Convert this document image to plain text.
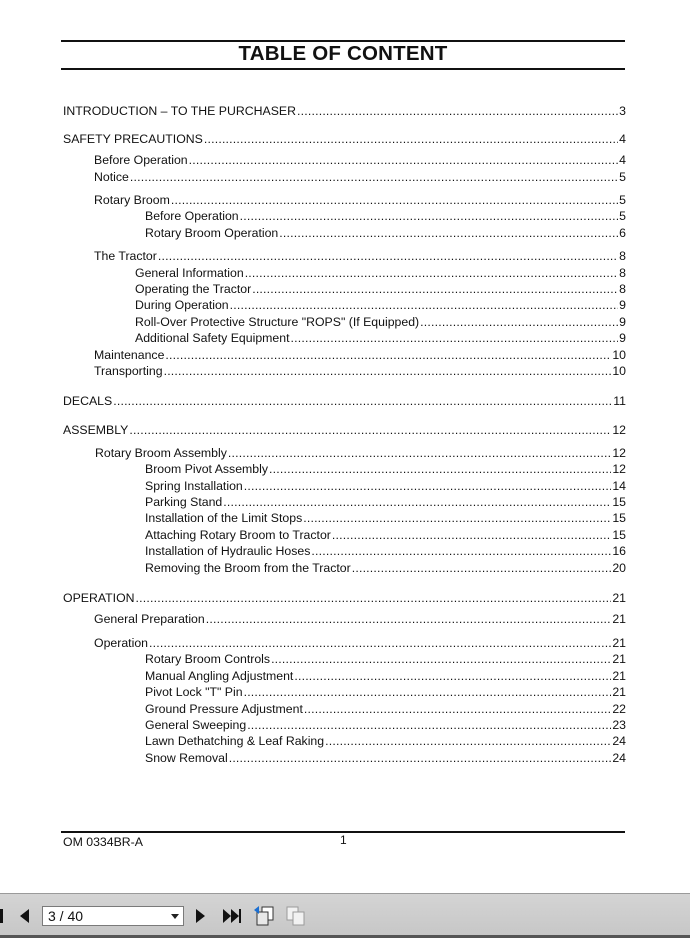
TABLE OF CONTENT
INTRODUCTION – TO THE PURCHASER .....	3
SAFETY PRECAUTIONS .....	4
Before Operation .....	4
Notice .....	5
Rotary Broom .....	5
Before Operation .....	5
Rotary Broom Operation .....	6
The Tractor .....	8
General Information .....	8
Operating the Tractor .....	8
During Operation .....	9
Roll-Over Protective Structure "ROPS" (If Equipped) .....	9
Additional Safety Equipment .....	9
Maintenance .....	10
Transporting .....	10
DECALS .....	11
ASSEMBLY .....	12
Rotary Broom Assembly .....	12
Broom Pivot Assembly .....	12
Spring Installation .....	14
Parking Stand .....	15
Installation of the Limit Stops .....	15
Attaching Rotary Broom to Tractor .....	15
Installation of Hydraulic Hoses .....	16
Removing the Broom from the Tractor .....	20
OPERATION .....	21
General Preparation .....	21
Operation .....	21
Rotary Broom Controls .....	21
Manual Angling Adjustment .....	21
Pivot Lock "T" Pin .....	21
Ground Pressure Adjustment .....	22
General Sweeping .....	23
Lawn Dethatching & Leaf Raking .....	24
Snow Removal .....	24
OM 0334BR-A	1
3 / 40
